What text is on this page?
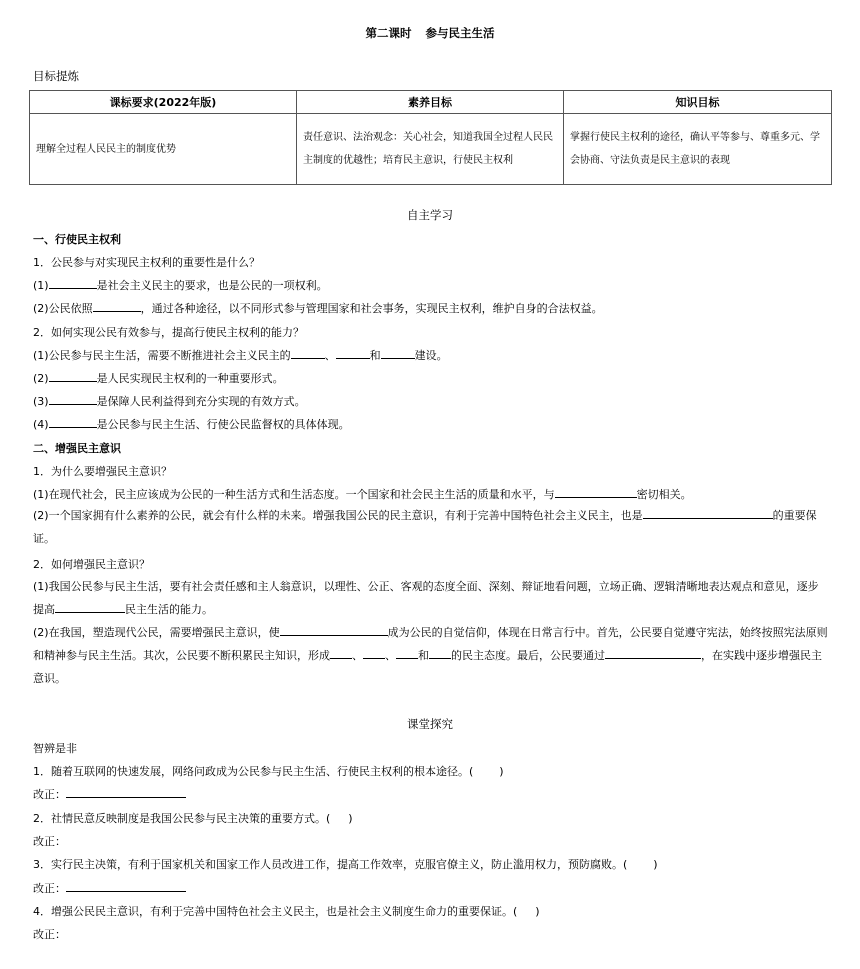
第二课时 参与民主生活
目标提炼
课标要求(2022年版)	素养目标	知识目标
理解全过程人民民主的制度优势	责任意识、法治观念：关心社会，知道我国全过程人民民主制度的优越性；培育民主意识，行使民主权利	掌握行使民主权利的途径，确认平等参与、尊重多元、学会协商、守法负责是民主意识的表现
自主学习
一、行使民主权利
1．公民参与对实现民主权利的重要性是什么？
(1)	是社会主义民主的要求，也是公民的一项权利。
(2)公民依照	，通过各种途径，以不同形式参与管理国家和社会事务，实现民主权利，维护自身的合法权益。
2．如何实现公民有效参与，提高行使民主权利的能力？
(1)公民参与民主生活，需要不断推进社会主义民主的	、	和	建设。
(2)	是人民实现民主权利的一种重要形式。
(3)	是保障人民利益得到充分实现的有效方式。
(4)	是公民参与民主生活、行使公民监督权的具体体现。
二、增强民主意识
1．为什么要增强民主意识？
(1)在现代社会，民主应该成为公民的一种生活方式和生活态度。一个国家和社会民主生活的质量和水平，与	密切相关。
(2)一个国家拥有什么素养的公民，就会有什么样的未来。增强我国公民的民主意识，有利于完善中国特色社会主义民主，也是	的重要保证。
2．如何增强民主意识？
(1)我国公民参与民主生活，要有社会责任感和主人翁意识，以理性、公正、客观的态度全面、深刻、辩证地看问题，立场正确、逻辑清晰地表达观点和意见，逐步提高	民主生活的能力。
(2)在我国，塑造现代公民，需要增强民主意识，使	成为公民的自觉信仰，体现在日常言行中。首先，公民要自觉遵守宪法，始终按照宪法原则和精神参与民主生活。其次，公民要不断积累民主知识，形成 、 、 和 的民主态度。最后，公民要通过	，在实践中逐步增强民主意识。
课堂探究
智辨是非
1．随着互联网的快速发展，网络问政成为公民参与民主生活、行使民主权利的根本途径。( )
改正：
2．社情民意反映制度是我国公民参与民主决策的重要方式。( )
改正：
3．实行民主决策，有利于国家机关和国家工作人员改进工作，提高工作效率，克服官僚主义，防止滥用权力，预防腐败。( )
改正：
4．增强公民民主意识，有利于完善中国特色社会主义民主，也是社会主义制度生命力的重要保证。( )
改正：
